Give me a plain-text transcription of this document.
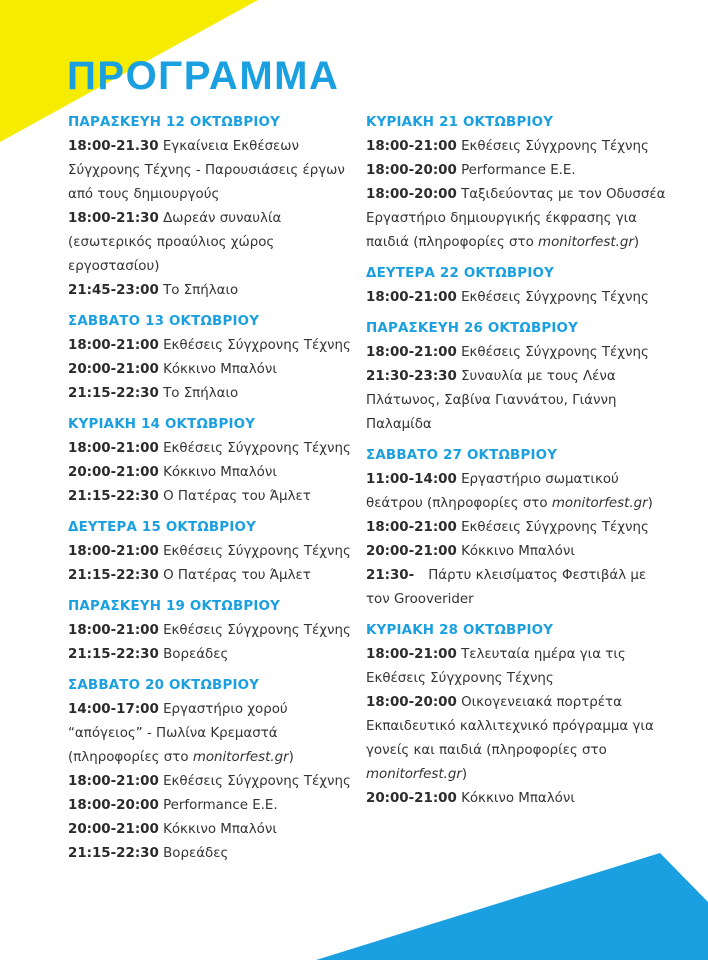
ΠΡΟΓΡΑΜΜΑ
ΠΑΡΑΣΚΕΥΗ 12 ΟΚΤΩΒΡΙΟΥ
18:00-21.30 Εγκαίνεια Εκθέσεων Σύγχρονης Τέχνης - Παρουσιάσεις έργων από τους δημιουργούς
18:00-21:30 Δωρεάν συναυλία (εσωτερικός προαύλιος χώρος εργοστασίου)
21:45-23:00 Το Σπήλαιο
ΣΑΒΒΑΤΟ 13 ΟΚΤΩΒΡΙΟΥ
18:00-21:00 Εκθέσεις Σύγχρονης Τέχνης
20:00-21:00 Κόκκινο Μπαλόνι
21:15-22:30 Το Σπήλαιο
ΚΥΡΙΑΚΗ 14 ΟΚΤΩΒΡΙΟΥ
18:00-21:00 Εκθέσεις Σύγχρονης Τέχνης
20:00-21:00 Κόκκινο Μπαλόνι
21:15-22:30 Ο Πατέρας του Άμλετ
ΔΕΥΤΕΡΑ 15 ΟΚΤΩΒΡΙΟΥ
18:00-21:00 Εκθέσεις Σύγχρονης Τέχνης
21:15-22:30 Ο Πατέρας του Άμλετ
ΠΑΡΑΣΚΕΥΗ 19 ΟΚΤΩΒΡΙΟΥ
18:00-21:00 Εκθέσεις Σύγχρονης Τέχνης
21:15-22:30 Βορεάδες
ΣΑΒΒΑΤΟ 20 ΟΚΤΩΒΡΙΟΥ
14:00-17:00 Εργαστήριο χορού “απόγειος” - Πωλίνα Κρεμαστά (πληροφορίες στο monitorfest.gr)
18:00-21:00 Εκθέσεις Σύγχρονης Τέχνης
18:00-20:00 Performance E.E.
20:00-21:00 Κόκκινο Μπαλόνι
21:15-22:30 Βορεάδες
ΚΥΡΙΑΚΗ 21 ΟΚΤΩΒΡΙΟΥ
18:00-21:00 Εκθέσεις Σύγχρονης Τέχνης
18:00-20:00 Performance E.E.
18:00-20:00 Ταξιδεύοντας με τον Οδυσσέα Εργαστήριο δημιουργικής έκφρασης για παιδιά (πληροφορίες στο monitorfest.gr)
ΔΕΥΤΕΡΑ 22 ΟΚΤΩΒΡΙΟΥ
18:00-21:00 Εκθέσεις Σύγχρονης Τέχνης
ΠΑΡΑΣΚΕΥΗ 26 ΟΚΤΩΒΡΙΟΥ
18:00-21:00 Εκθέσεις Σύγχρονης Τέχνης
21:30-23:30 Συναυλία με τους Λένα Πλάτωνος, Σαβίνα Γιαννάτου, Γιάννη Παλαμίδα
ΣΑΒΒΑΤΟ 27 ΟΚΤΩΒΡΙΟΥ
11:00-14:00 Εργαστήριο σωματικού θεάτρου (πληροφορίες στο monitorfest.gr)
18:00-21:00 Εκθέσεις Σύγχρονης Τέχνης
20:00-21:00 Κόκκινο Μπαλόνι
21:30- Πάρτυ κλεισίματος Φεστιβάλ με τον Grooverider
ΚΥΡΙΑΚΗ 28 ΟΚΤΩΒΡΙΟΥ
18:00-21:00 Τελευταία ημέρα για τις Εκθέσεις Σύγχρονης Τέχνης
18:00-20:00 Οικογενειακά πορτρέτα Εκπαιδευτικό καλλιτεχνικό πρόγραμμα για γονείς και παιδιά (πληροφορίες στο monitorfest.gr)
20:00-21:00 Κόκκινο Μπαλόνι
